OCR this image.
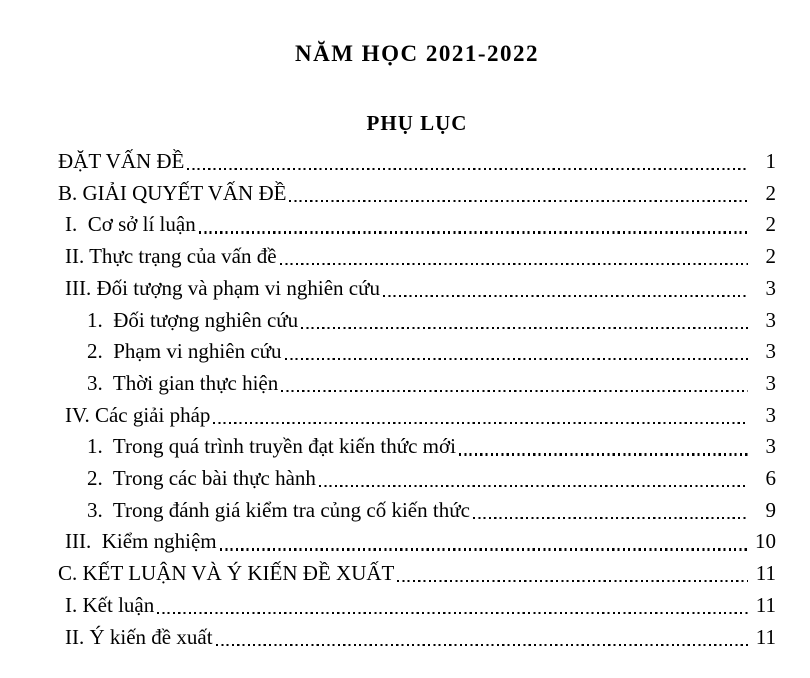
NĂM HỌC 2021-2022
PHỤ LỤC
ĐẶT VẤN ĐỀ	1
B. GIẢI QUYẾT VẤN ĐỀ	2
I.  Cơ sở lí luận	2
II. Thực trạng của vấn đề	2
III. Đối tượng và phạm vi nghiên cứu	3
1.  Đối tượng nghiên cứu	3
2.  Phạm vi nghiên cứu	3
3.  Thời gian thực hiện	3
IV. Các giải pháp	3
1.  Trong quá trình truyền đạt kiến thức mới	3
2.  Trong các bài thực hành	6
3.  Trong đánh giá kiểm tra củng cố kiến thức	9
III.  Kiểm nghiệm	10
C. KẾT LUẬN VÀ Ý KIẾN ĐỀ XUẤT	11
I. Kết luận	11
II. Ý kiến đề xuất	11
